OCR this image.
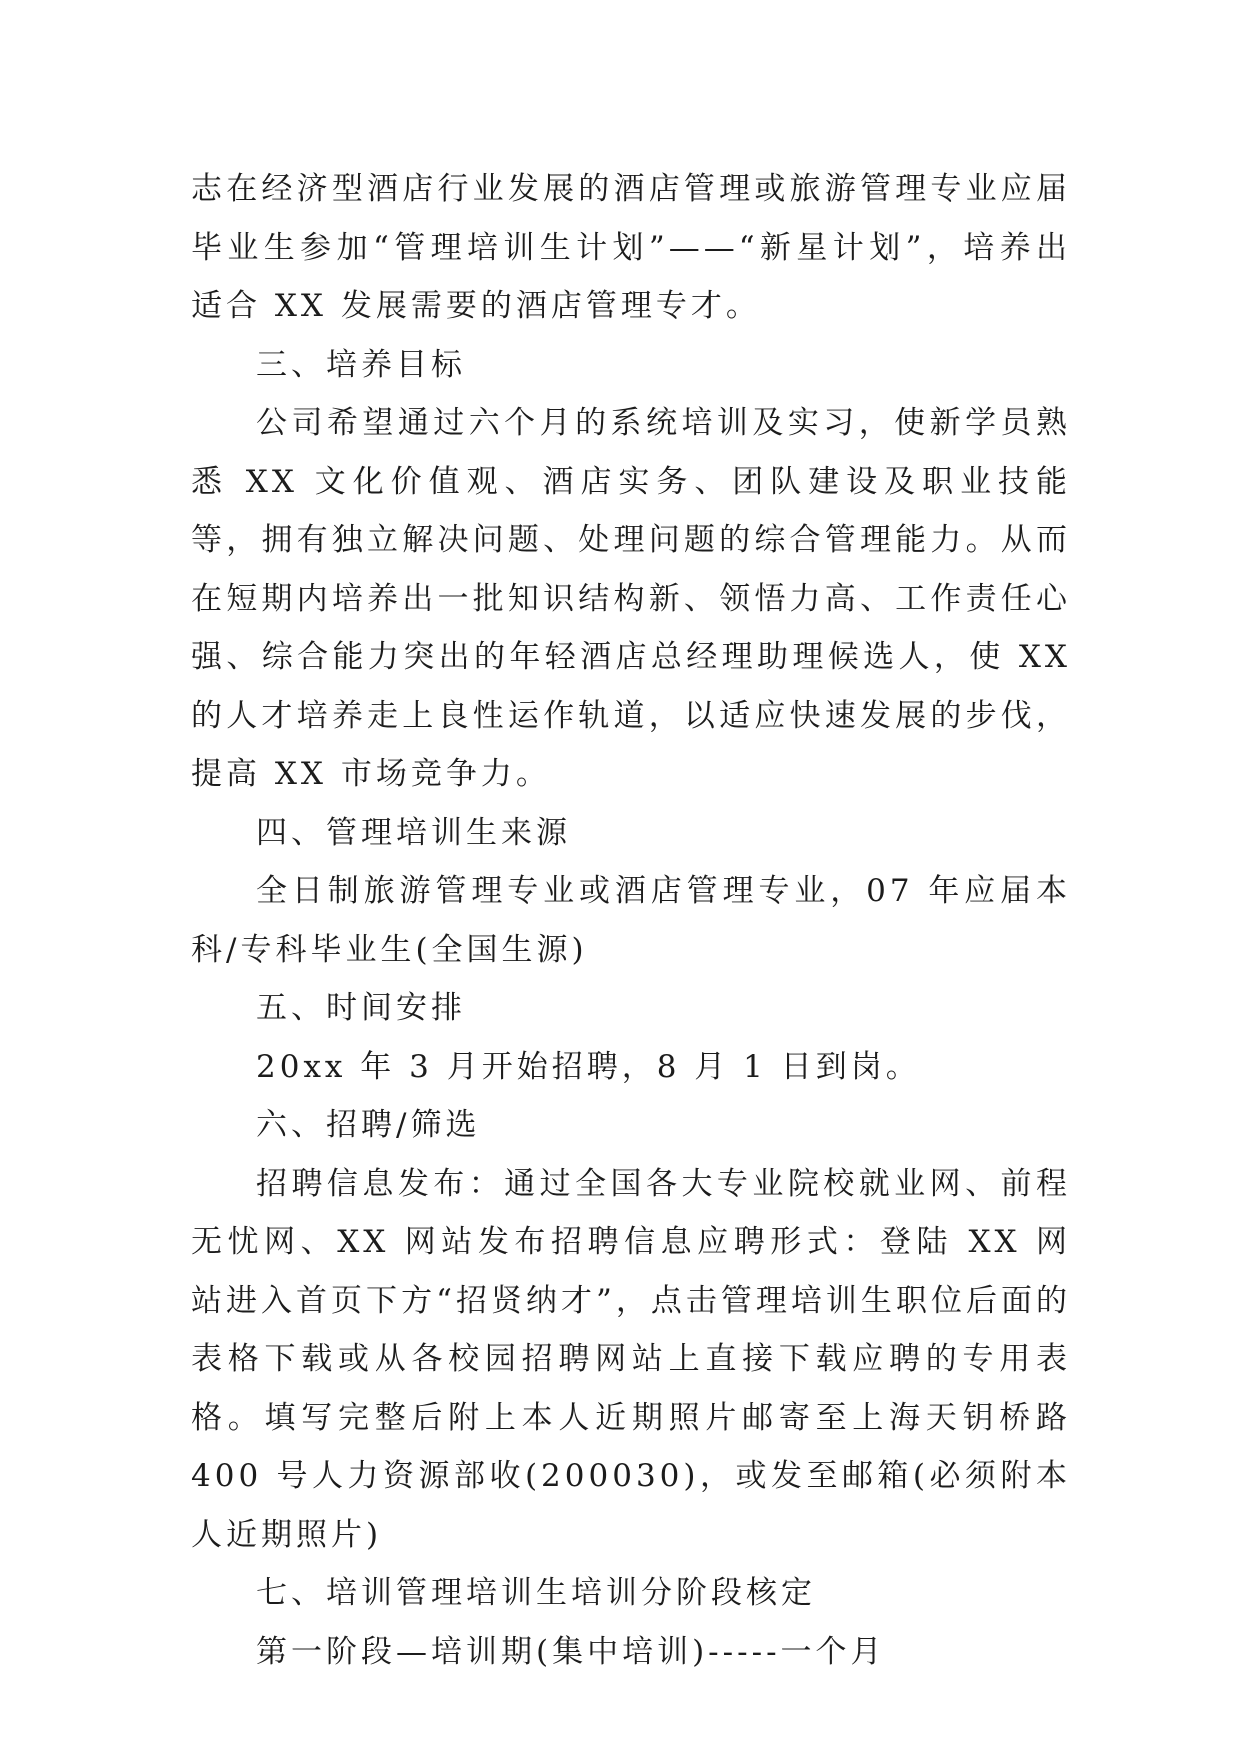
志在经济型酒店行业发展的酒店管理或旅游管理专业应届毕业生参加“管理培训生计划”——“新星计划”，培养出适合 XX 发展需要的酒店管理专才。

三、培养目标

公司希望通过六个月的系统培训及实习，使新学员熟悉 XX 文化价值观、酒店实务、团队建设及职业技能等，拥有独立解决问题、处理问题的综合管理能力。从而在短期内培养出一批知识结构新、领悟力高、工作责任心强、综合能力突出的年轻酒店总经理助理候选人，使 XX 的人才培养走上良性运作轨道，以适应快速发展的步伐，提高 XX 市场竞争力。

四、管理培训生来源

全日制旅游管理专业或酒店管理专业，07 年应届本科/专科毕业生(全国生源)

五、时间安排

20xx 年 3 月开始招聘，8 月 1 日到岗。

六、招聘/筛选

招聘信息发布：通过全国各大专业院校就业网、前程无忧网、XX 网站发布招聘信息应聘形式：登陆 XX 网站进入首页下方“招贤纳才”，点击管理培训生职位后面的表格下载或从各校园招聘网站上直接下载应聘的专用表格。填写完整后附上本人近期照片邮寄至上海天钥桥路 400 号人力资源部收(200030)，或发至邮箱(必须附本人近期照片)

七、培训管理培训生培训分阶段核定

第一阶段—培训期(集中培训)-----一个月
